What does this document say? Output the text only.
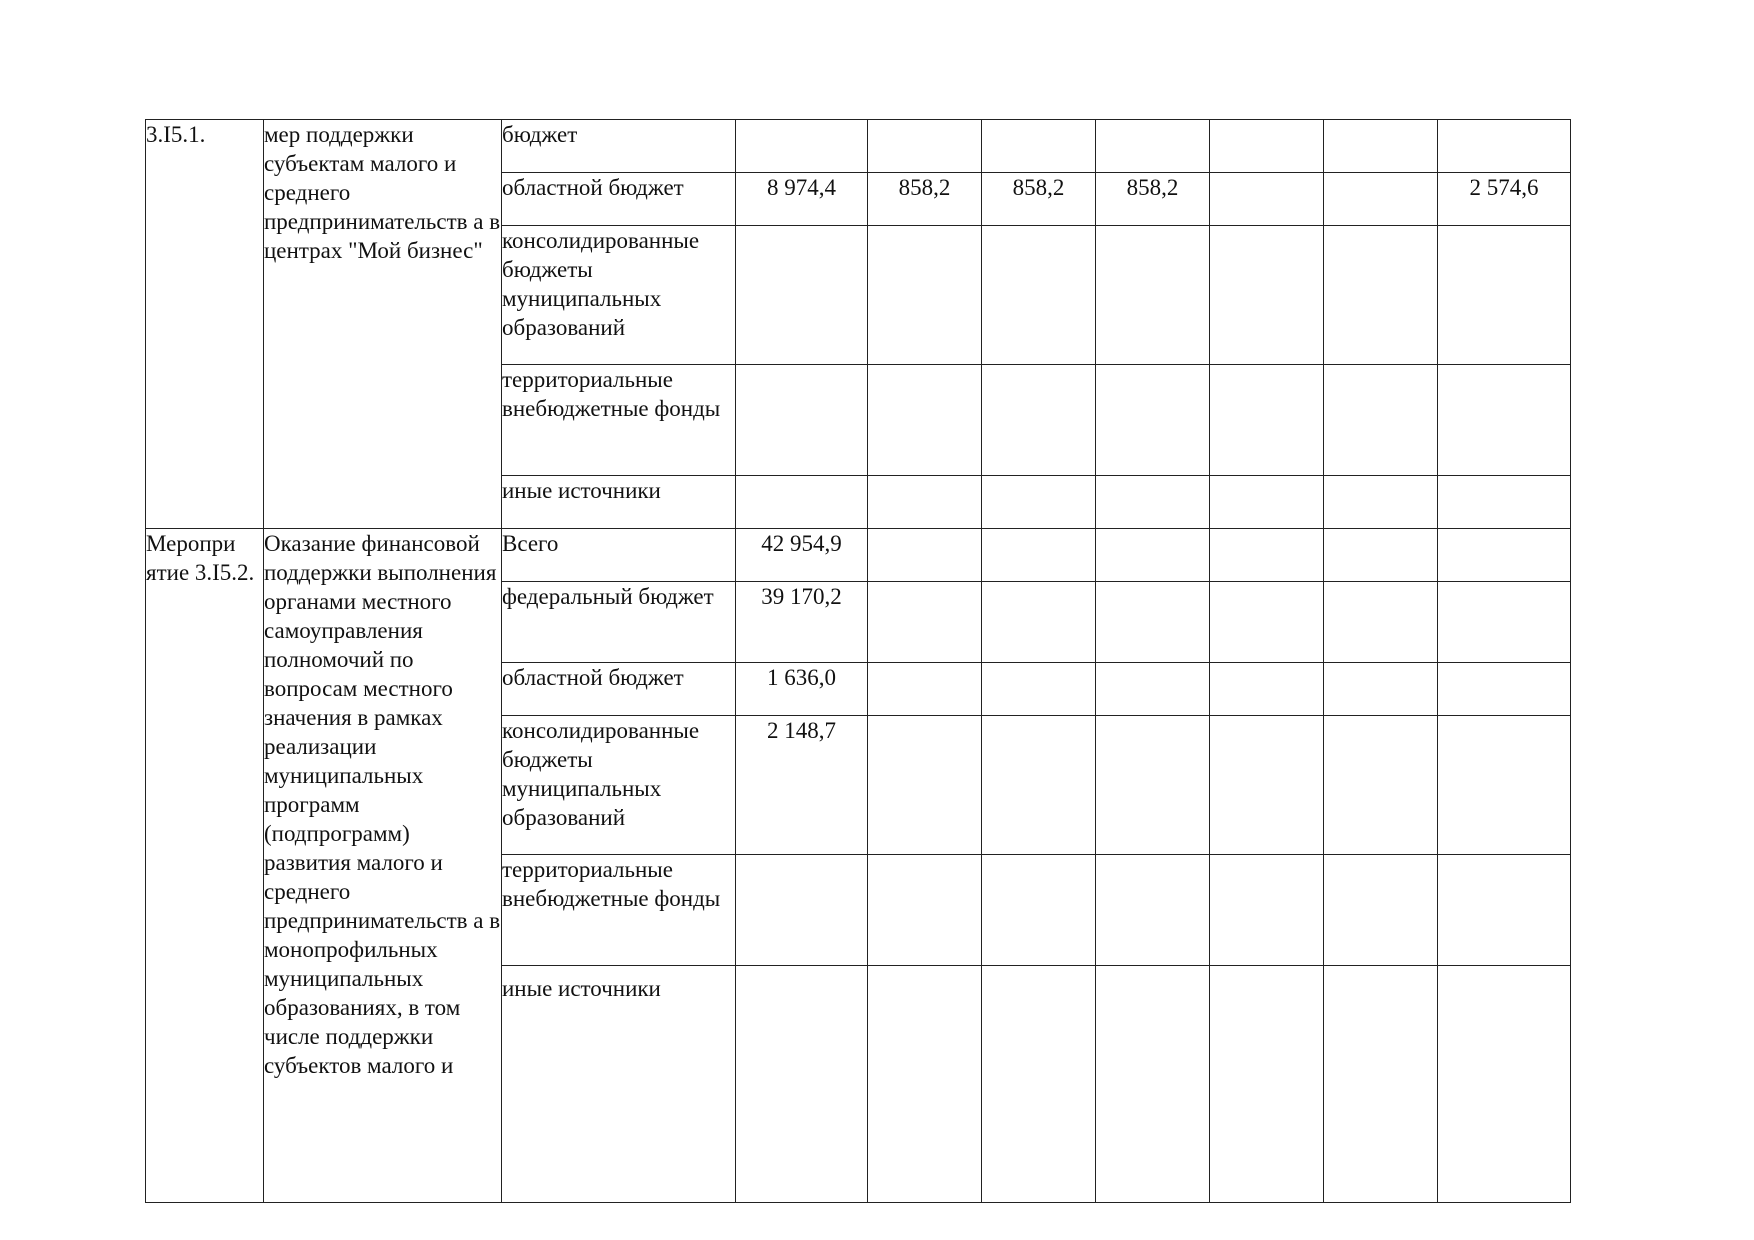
3.I5.1.	мер поддержки субъектам малого и среднего предпринимательств а в центрах "Мой бизнес"	бюджет							
		областной бюджет	8 974,4	858,2	858,2	858,2			2 574,6
		консолидированные бюджеты муниципальных образований							
		территориальные внебюджетные фонды							
		иные источники							
Меропри ятие 3.I5.2.	Оказание финансовой поддержки выполнения органами местного самоуправления полномочий по вопросам местного значения в рамках реализации муниципальных программ (подпрограмм) развития малого и среднего предпринимательств а в монопрофильных муниципальных образованиях, в том числе поддержки субъектов малого и	Всего	42 954,9						
		федеральный бюджет	39 170,2						
		областной бюджет	1 636,0						
		консолидированные бюджеты муниципальных образований	2 148,7						
		территориальные внебюджетные фонды							
		иные источники							
